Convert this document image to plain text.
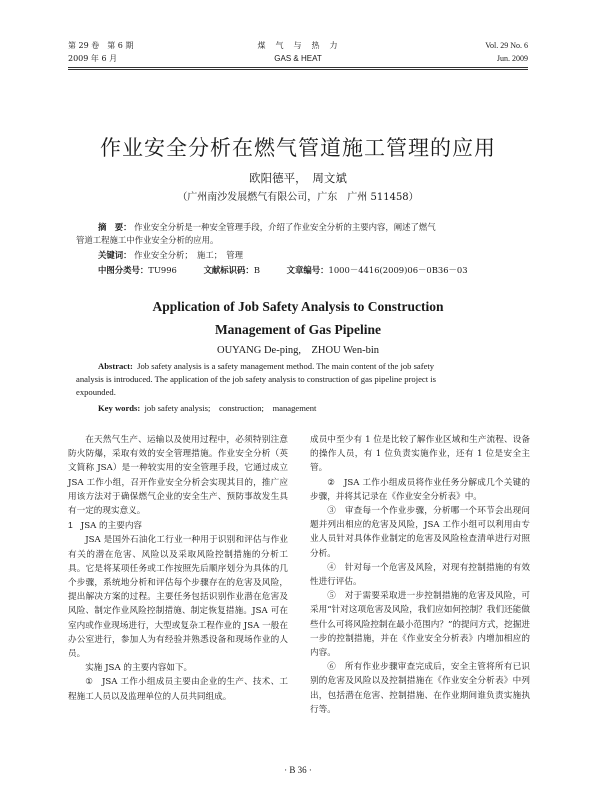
第 29 卷　第 6 期
2009 年 6 月
煤　气　与　热　力
GAS & HEAT
Vol. 29 No. 6
Jun. 2009
作业安全分析在燃气管道施工管理的应用
欧阳德平，　周文斌
（广州南沙发展燃气有限公司，广东　广州 511458）
摘　要： 作业安全分析是一种安全管理手段，介绍了作业安全分析的主要内容，阐述了燃气
管道工程施工中作业安全分析的应用。
关键词： 作业安全分析；　施工；　管理
中图分类号：TU996	文献标识码：B	文章编号：1000－4416(2009)06－0B36－03
Application of Job Safety Analysis to Construction
Management of Gas Pipeline
OUYANG De-ping,　ZHOU Wen-bin
Abstract: Job safety analysis is a safety management method. The main content of the job safety
analysis is introduced. The application of the job safety analysis to construction of gas pipeline project is
expounded.
Key words: job safety analysis;　construction;　management

在天然气生产、运输以及使用过程中，必须特别注意防火防爆，采取有效的安全管理措施。作业安全分析（英文简称 JSA）是一种较实用的安全管理手段，它通过成立 JSA 工作小组，召开作业安全分析会实现其目的，推广应用该方法对于确保燃气企业的安全生产、预防事故发生具有一定的现实意义。

1 JSA 的主要内容

JSA 是国外石油化工行业一种用于识别和评估与作业有关的潜在危害、风险以及采取风险控制措施的分析工具。它是将某项任务或工作按照先后顺序划分为具体的几个步骤，系统地分析和评估每个步骤存在的危害及风险，提出解决方案的过程。主要任务包括识别作业潜在危害及风险、制定作业风险控制措施、制定恢复措施。JSA 可在室内或作业现场进行，大型或复杂工程作业的 JSA 一般在办公室进行，参加人为有经验并熟悉设备和现场作业的人员。

实施 JSA 的主要内容如下。

①　JSA 工作小组成员主要由企业的生产、技术、工程施工人员以及监理单位的人员共同组成。

成员中至少有 1 位是比较了解作业区域和生产流程、设备的操作人员，有 1 位负责实施作业，还有 1 位是安全主管。

②　JSA 工作小组成员将作业任务分解成几个关键的步骤，并将其记录在《作业安全分析表》中。

③　审查每一个作业步骤，分析哪一个环节会出现问题并列出相应的危害及风险，JSA 工作小组可以利用由专业人员针对具体作业制定的危害及风险检查清单进行对照分析。

④　针对每一个危害及风险，对现有控制措施的有效性进行评估。

⑤　对于需要采取进一步控制措施的危害及风险，可采用“针对这项危害及风险，我们应如何控制？我们还能做些什么可将风险控制在最小范围内？”的提问方式，挖掘进一步的控制措施，并在《作业安全分析表》内增加相应的内容。

⑥　所有作业步骤审查完成后，安全主管将所有已识别的危害及风险以及控制措施在《作业安全分析表》中列出，包括潜在危害、控制措施、在作业期间谁负责实施执行等。

· B 36 ·
